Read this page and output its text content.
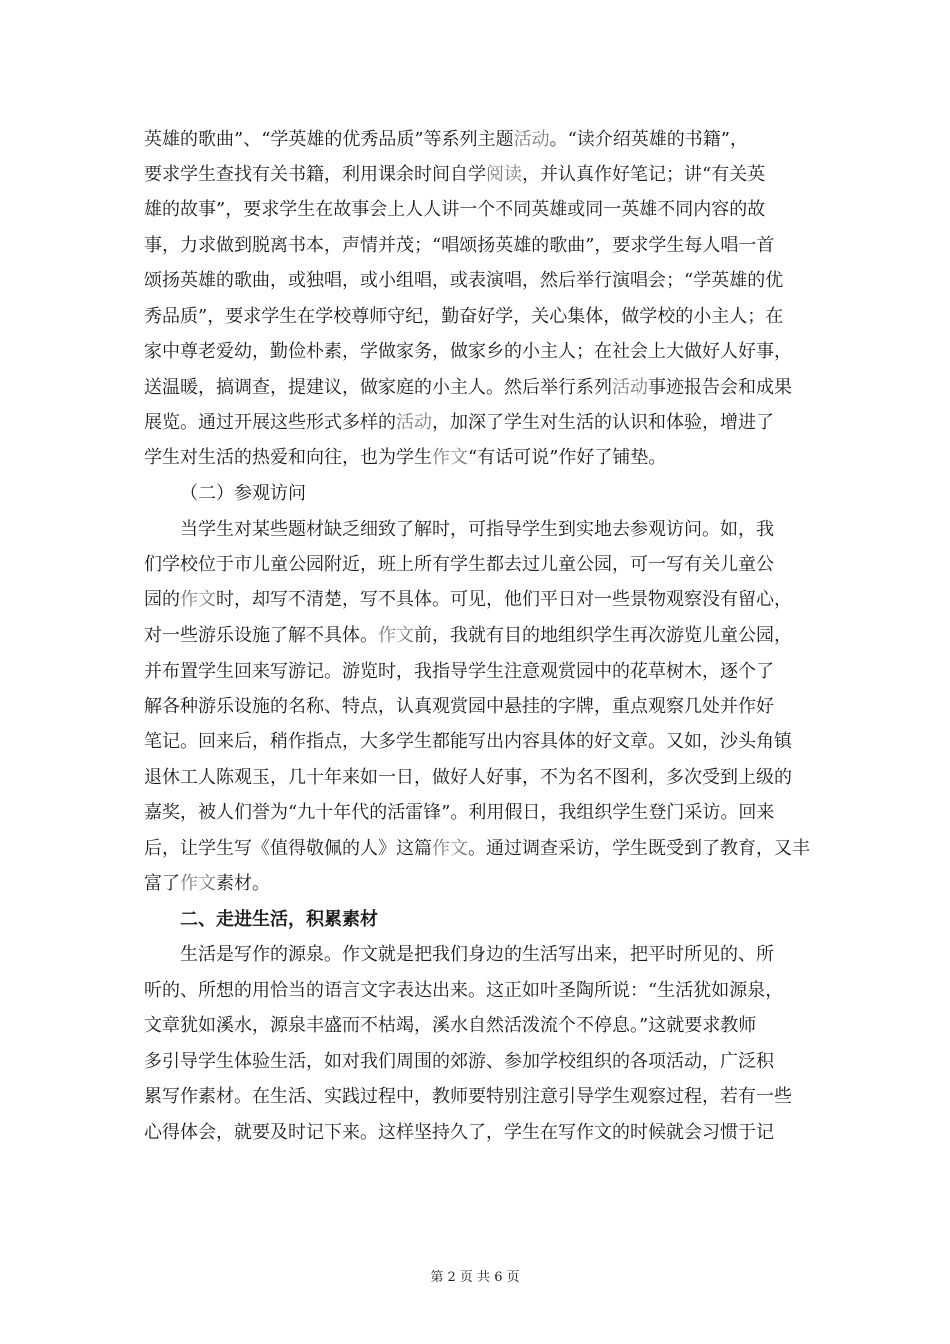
英雄的歌曲”、“学英雄的优秀品质”等系列主题活动。“读介绍英雄的书籍”，
要求学生查找有关书籍，利用课余时间自学阅读，并认真作好笔记；讲“有关英
雄的故事”，要求学生在故事会上人人讲一个不同英雄或同一英雄不同内容的故
事，力求做到脱离书本，声情并茂；“唱颂扬英雄的歌曲”，要求学生每人唱一首
颂扬英雄的歌曲，或独唱，或小组唱，或表演唱，然后举行演唱会；“学英雄的优
秀品质”，要求学生在学校尊师守纪，勤奋好学，关心集体，做学校的小主人；在
家中尊老爱幼，勤俭朴素，学做家务，做家乡的小主人；在社会上大做好人好事，
送温暖，搞调查，提建议，做家庭的小主人。然后举行系列活动事迹报告会和成果
展览。通过开展这些形式多样的活动，加深了学生对生活的认识和体验，增进了
学生对生活的热爱和向往，也为学生作文“有话可说”作好了铺垫。
（二）参观访问
当学生对某些题材缺乏细致了解时，可指导学生到实地去参观访问。如，我
们学校位于市儿童公园附近，班上所有学生都去过儿童公园，可一写有关儿童公
园的作文时，却写不清楚，写不具体。可见，他们平日对一些景物观察没有留心，
对一些游乐设施了解不具体。作文前，我就有目的地组织学生再次游览儿童公园，
并布置学生回来写游记。游览时，我指导学生注意观赏园中的花草树木，逐个了
解各种游乐设施的名称、特点，认真观赏园中悬挂的字牌，重点观察几处并作好
笔记。回来后，稍作指点，大多学生都能写出内容具体的好文章。又如，沙头角镇
退休工人陈观玉，几十年来如一日，做好人好事，不为名不图利，多次受到上级的
嘉奖，被人们誉为“九十年代的活雷锋”。利用假日，我组织学生登门采访。回来
后，让学生写《值得敬佩的人》这篇作文。通过调查采访，学生既受到了教育，又丰
富了作文素材。
二、走进生活，积累素材
生活是写作的源泉。作文就是把我们身边的生活写出来，把平时所见的、所
听的、所想的用恰当的语言文字表达出来。这正如叶圣陶所说：“生活犹如源泉，
文章犹如溪水，源泉丰盛而不枯竭，溪水自然活泼流个不停息。”这就要求教师
多引导学生体验生活，如对我们周围的郊游、参加学校组织的各项活动，广泛积
累写作素材。在生活、实践过程中，教师要特别注意引导学生观察过程，若有一些
心得体会，就要及时记下来。这样坚持久了，学生在写作文的时候就会习惯于记
第 2 页 共 6 页
